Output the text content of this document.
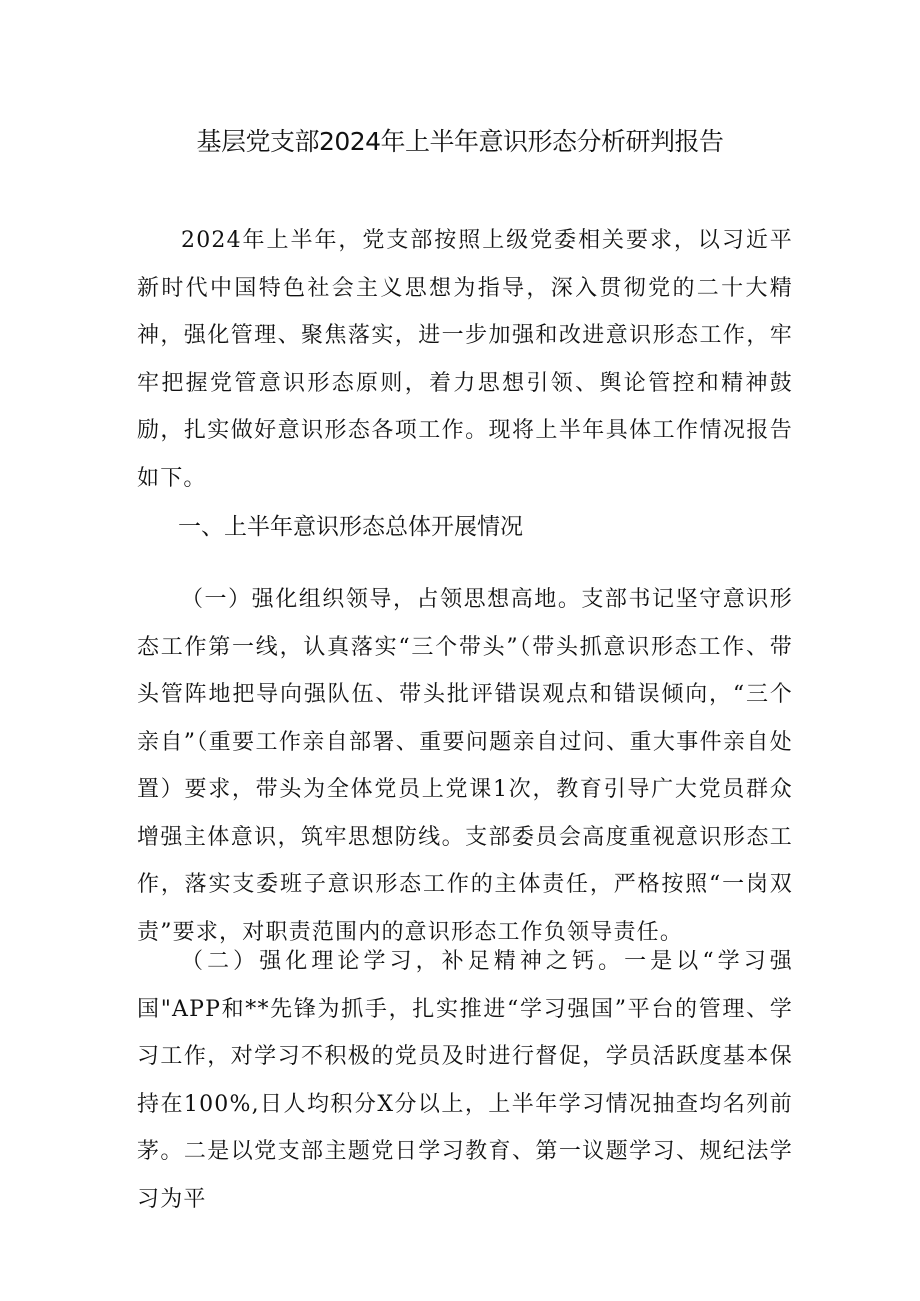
基层党支部2024年上半年意识形态分析研判报告

2024年上半年，党支部按照上级党委相关要求，以习近平新时代中国特色社会主义思想为指导，深入贯彻党的二十大精神，强化管理、聚焦落实，进一步加强和改进意识形态工作，牢牢把握党管意识形态原则，着力思想引领、舆论管控和精神鼓励，扎实做好意识形态各项工作。现将上半年具体工作情况报告如下。

一、上半年意识形态总体开展情况

（一）强化组织领导，占领思想高地。支部书记坚守意识形态工作第一线，认真落实“三个带头”（带头抓意识形态工作、带头管阵地把导向强队伍、带头批评错误观点和错误倾向，“三个亲自”（重要工作亲自部署、重要问题亲自过问、重大事件亲自处置）要求，带头为全体党员上党课1次，教育引导广大党员群众增强主体意识，筑牢思想防线。支部委员会高度重视意识形态工作，落实支委班子意识形态工作的主体责任，严格按照“一岗双责”要求，对职责范围内的意识形态工作负领导责任。

（二）强化理论学习，补足精神之钙。一是以“学习强国"APP和**先锋为抓手，扎实推进“学习强国”平台的管理、学习工作，对学习不积极的党员及时进行督促，学员活跃度基本保持在100%,日人均积分X分以上，上半年学习情况抽查均名列前茅。二是以党支部主题党日学习教育、第一议题学习、规纪法学习为平
